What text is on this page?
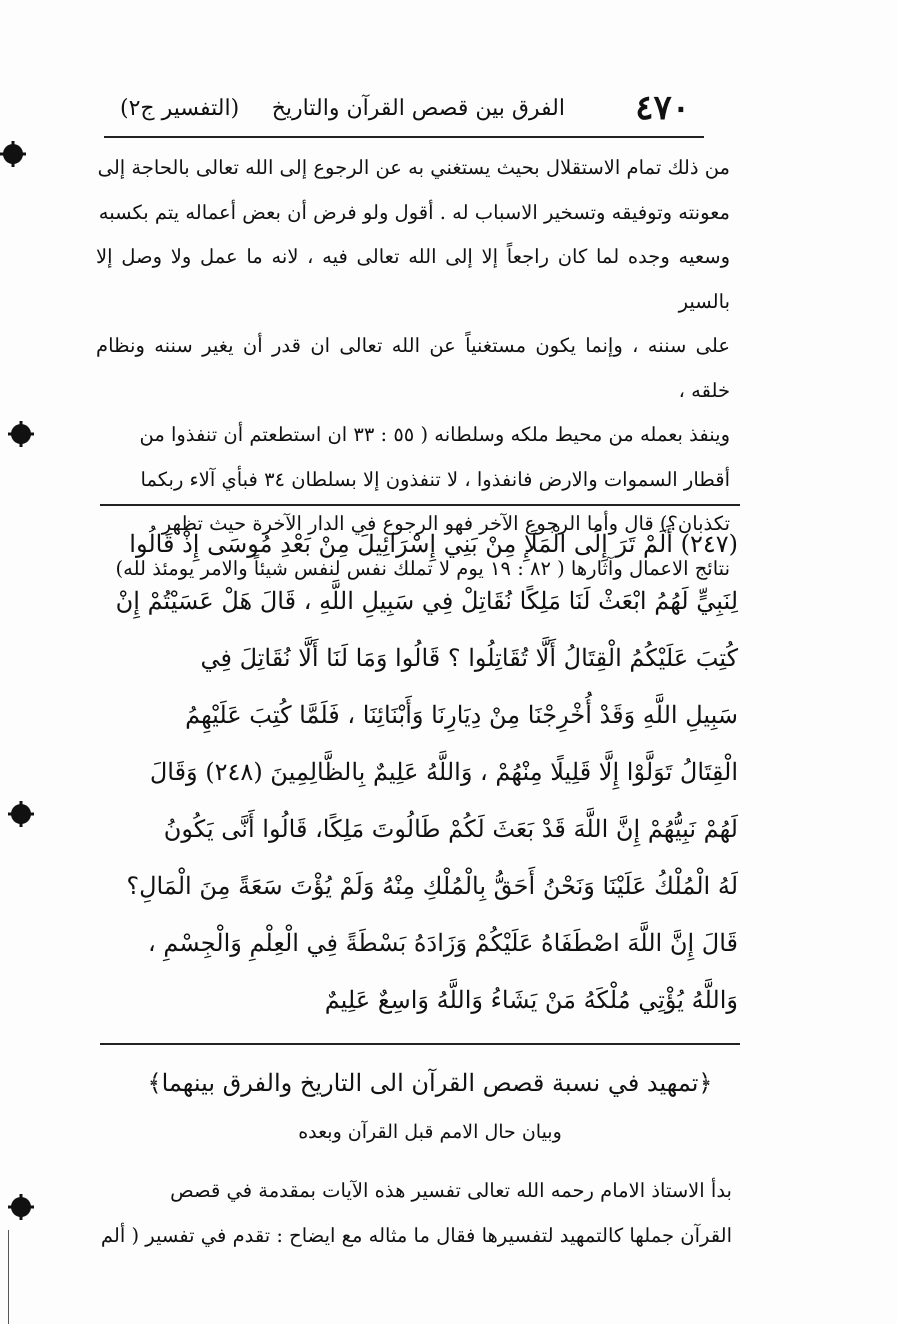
٤٧٠
الفرق بين قصص القرآن والتاريخ
(التفسير ج٢)

من ذلك تمام الاستقلال بحيث يستغني به عن الرجوع إلى الله تعالى بالحاجة إلى

معونته وتوفيقه وتسخير الاسباب له . أقول ولو فرض أن بعض أعماله يتم بكسبه

وسعيه وجده لما كان راجعاً إلا إلى الله تعالى فيه ، لانه ما عمل ولا وصل إلا بالسير

على سننه ، وإنما يكون مستغنياً عن الله تعالى ان قدر أن يغير سننه ونظام خلقه ،

وينفذ بعمله من محيط ملكه وسلطانه ( ٥٥ : ٣٣ ان استطعتم أن تنفذوا من

أقطار السموات والارض فانفذوا ، لا تنفذون إلا بسلطان ٣٤ فبأي آلاء ربكما

تكذبان؟) قال وأما الرجوع الآخر فهو الرجوع في الدار الآخرة حيث تظهر

نتائج الاعمال وآثارها ( ٨٢ : ١٩ يوم لا تملك نفس لنفس شيئاً والامر يومئذ لله)

(٢٤٧) أَلَمْ تَرَ إِلَى الْمَلَإِ مِنْ بَنِي إِسْرَائِيلَ مِنْ بَعْدِ مُوسَى إِذْ قَالُوا

لِنَبِيٍّ لَهُمُ ابْعَثْ لَنَا مَلِكًا نُقَاتِلْ فِي سَبِيلِ اللَّهِ ، قَالَ هَلْ عَسَيْتُمْ إِنْ

كُتِبَ عَلَيْكُمُ الْقِتَالُ أَلَّا تُقَاتِلُوا ؟ قَالُوا وَمَا لَنَا أَلَّا نُقَاتِلَ فِي

سَبِيلِ اللَّهِ وَقَدْ أُخْرِجْنَا مِنْ دِيَارِنَا وَأَبْنَائِنَا ، فَلَمَّا كُتِبَ عَلَيْهِمُ

الْقِتَالُ تَوَلَّوْا إِلَّا قَلِيلًا مِنْهُمْ ، وَاللَّهُ عَلِيمٌ بِالظَّالِمِينَ (٢٤٨) وَقَالَ

لَهُمْ نَبِيُّهُمْ إِنَّ اللَّهَ قَدْ بَعَثَ لَكُمْ طَالُوتَ مَلِكًا، قَالُوا أَنَّى يَكُونُ

لَهُ الْمُلْكُ عَلَيْنَا وَنَحْنُ أَحَقُّ بِالْمُلْكِ مِنْهُ وَلَمْ يُؤْتَ سَعَةً مِنَ الْمَالِ؟

قَالَ إِنَّ اللَّهَ اصْطَفَاهُ عَلَيْكُمْ وَزَادَهُ بَسْطَةً فِي الْعِلْمِ وَالْجِسْمِ ،

وَاللَّهُ يُؤْتِي مُلْكَهُ مَنْ يَشَاءُ وَاللَّهُ وَاسِعٌ عَلِيمٌ

﴿تمهيد في نسبة قصص القرآن الى التاريخ والفرق بينهما﴾
وبيان حال الامم قبل القرآن وبعده

بدأ الاستاذ الامام رحمه الله تعالى تفسير هذه الآيات بمقدمة في قصص

القرآن جملها كالتمهيد لتفسيرها فقال ما مثاله مع ايضاح : تقدم في تفسير ( ألم
